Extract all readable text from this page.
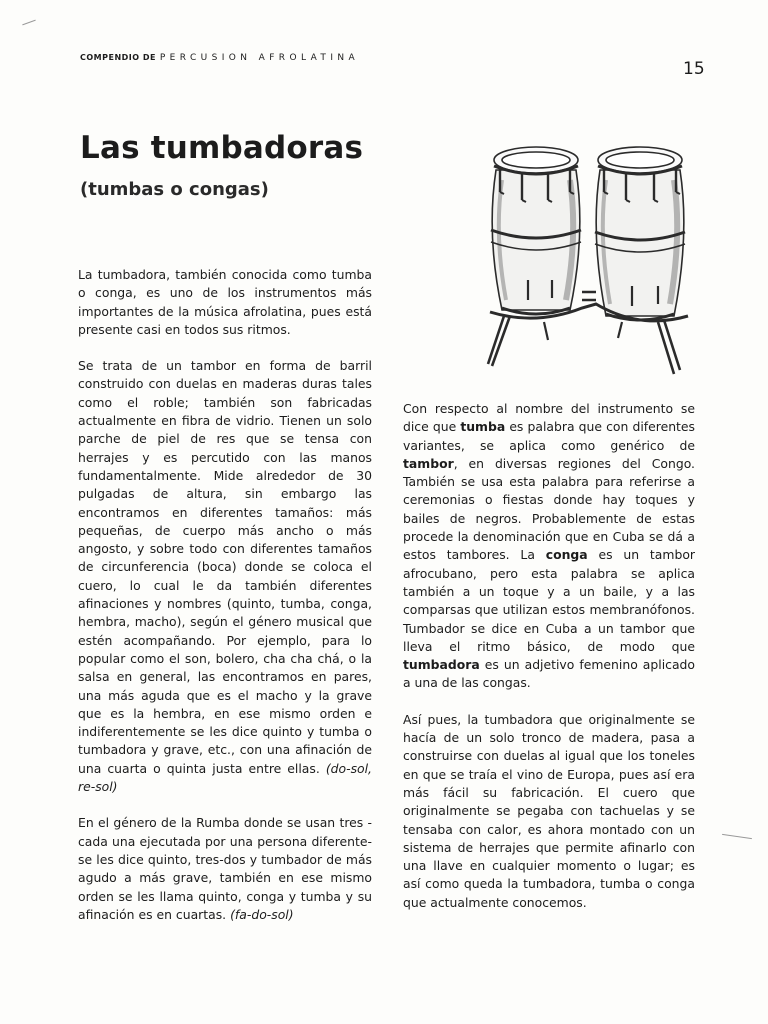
COMPENDIO DE PERCUSION AFROLATINA
15
Las tumbadoras
(tumbas o congas)

La tumbadora, también conocida como tumba o conga, es uno de los instrumentos más importantes de la música afrolatina, pues está presente casi en todos sus ritmos.

Se trata de un tambor en forma de barril construido con duelas en maderas duras tales como el roble; también son fabricadas actualmente en fibra de vidrio. Tienen un solo parche de piel de res que se tensa con herrajes y es percutido con las manos fundamentalmente. Mide alrededor de 30 pulgadas de altura, sin embargo las encontramos en diferentes tamaños: más pequeñas, de cuerpo más ancho o más angosto, y sobre todo con diferentes tamaños de circunferencia (boca) donde se coloca el cuero, lo cual le da también diferentes afinaciones y nombres (quinto, tumba, conga, hembra, macho), según el género musical que estén acompañando. Por ejemplo, para lo popular como el son, bolero, cha cha chá, o la salsa en general, las encontramos en pares, una más aguda que es el macho y la grave que es la hembra, en ese mismo orden e indiferentemente se les dice quinto y tumba o tumbadora y grave, etc., con una afinación de una cuarta o quinta justa entre ellas. (do-sol, re-sol)

En el género de la Rumba donde se usan tres -cada una ejecutada por una persona diferente- se les dice quinto, tres-dos y tumbador de más agudo a más grave, también en ese mismo orden se les llama quinto, conga y tumba y su afinación es en cuartas. (fa-do-sol)

Con respecto al nombre del instrumento se dice que tumba es palabra que con diferentes variantes, se aplica como genérico de tambor, en diversas regiones del Congo. También se usa esta palabra para referirse a ceremonias o fiestas donde hay toques y bailes de negros. Probablemente de estas procede la denominación que en Cuba se dá a estos tambores. La conga es un tambor afrocubano, pero esta palabra se aplica también a un toque y a un baile, y a las comparsas que utilizan estos membranófonos. Tumbador se dice en Cuba a un tambor que lleva el ritmo básico, de modo que tumbadora es un adjetivo femenino aplicado a una de las congas.

Así pues, la tumbadora que originalmente se hacía de un solo tronco de madera, pasa a construirse con duelas al igual que los toneles en que se traía el vino de Europa, pues así era más fácil su fabricación. El cuero que originalmente se pegaba con tachuelas y se tensaba con calor, es ahora montado con un sistema de herrajes que permite afinarlo con una llave en cualquier momento o lugar; es así como queda la tumbadora, tumba o conga que actualmente conocemos.
